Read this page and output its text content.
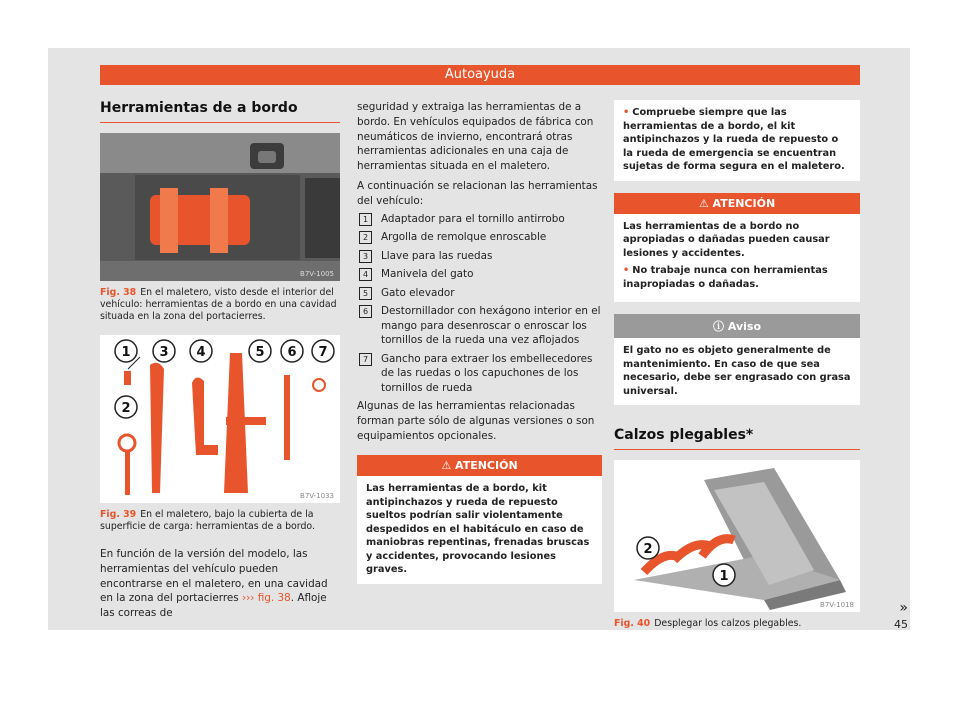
Autoayuda
Herramientas de a bordo
B7V-1005
Fig. 38 En el maletero, visto desde el interior del vehículo: herramientas de a bordo en una cavidad situada en la zona del portacierres.
1 3 4	5 6 7
2
B7V-1033
Fig. 39 En el maletero, bajo la cubierta de la superficie de carga: herramientas de a bordo.

En función de la versión del modelo, las herramientas del vehículo pueden encontrarse en el maletero, en una cavidad en la zona del portacierres ››› fig. 38. Afloje las correas de

seguridad y extraiga las herramientas de a bordo. En vehículos equipados de fábrica con neumáticos de invierno, encontrará otras herramientas adicionales en una caja de herramientas situada en el maletero.

A continuación se relacionan las herramientas del vehículo:

1	Adaptador para el tornillo antirrobo
2	Argolla de remolque enroscable
3	Llave para las ruedas
4	Manivela del gato
5	Gato elevador
6	Destornillador con hexágono interior en el mango para desenroscar o enroscar los tornillos de la rueda una vez aflojados
7	Gancho para extraer los embellecedores de las ruedas o los capuchones de los tornillos de rueda

Algunas de las herramientas relacionadas forman parte sólo de algunas versiones o son equipamientos opcionales.

⚠ ATENCIÓN
Las herramientas de a bordo, kit antipinchazos y rueda de repuesto sueltos podrían salir violentamente despedidos en el habitáculo en caso de maniobras repentinas, frenadas bruscas y accidentes, provocando lesiones graves.
• Compruebe siempre que las herramientas de a bordo, el kit antipinchazos y la rueda de repuesto o la rueda de emergencia se encuentran sujetas de forma segura en el maletero.
⚠ ATENCIÓN

Las herramientas de a bordo no apropiadas o dañadas pueden causar lesiones y accidentes.

• No trabaje nunca con herramientas inapropiadas o dañadas.

ⓘ Aviso
El gato no es objeto generalmente de mantenimiento. En caso de que sea necesario, debe ser engrasado con grasa universal.
Calzos plegables*
2
1
B7V-1018
Fig. 40 Desplegar los calzos plegables.
»
45
